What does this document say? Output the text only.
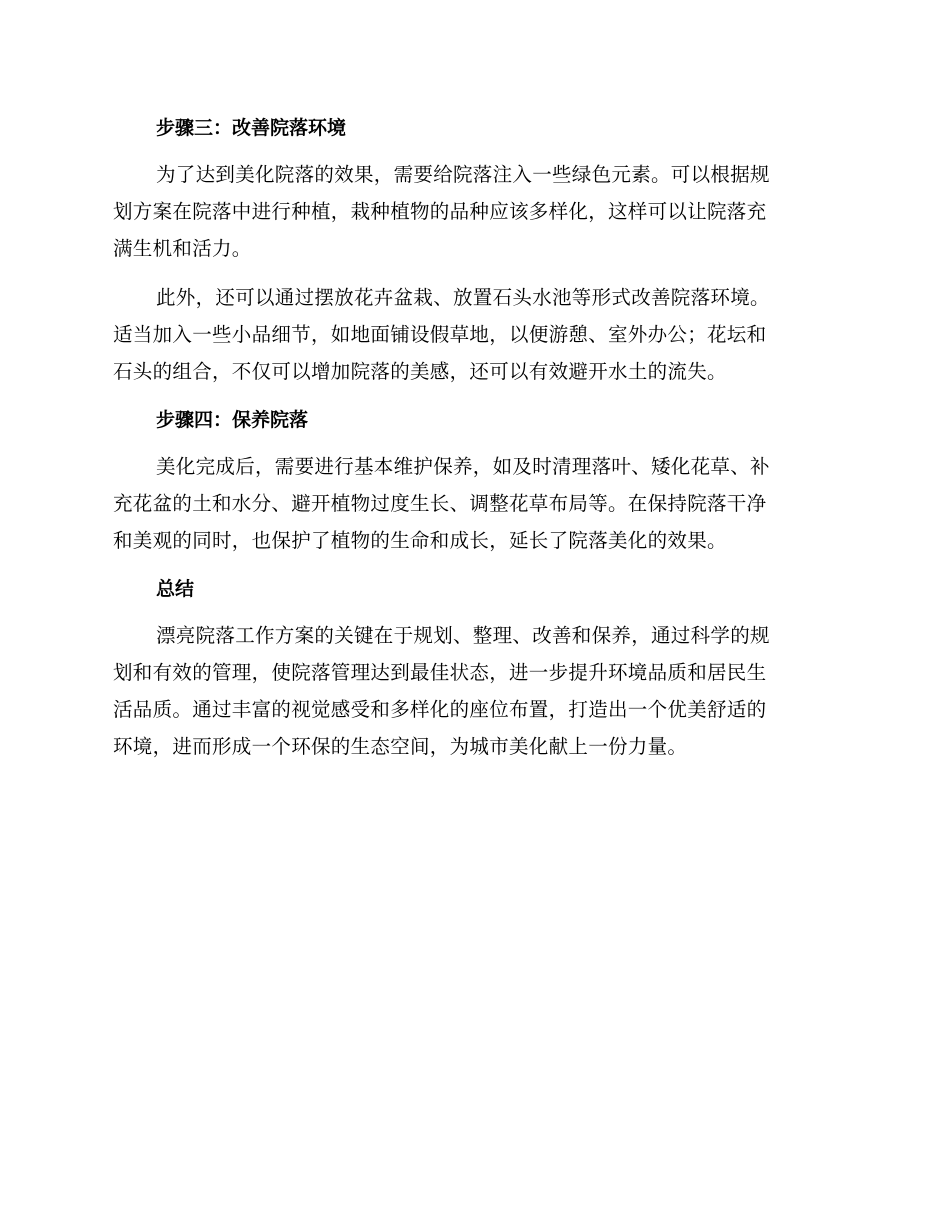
步骤三：改善院落环境
为了达到美化院落的效果，需要给院落注入一些绿色元素。可以根据规
划方案在院落中进行种植，栽种植物的品种应该多样化，这样可以让院落充
满生机和活力。
此外，还可以通过摆放花卉盆栽、放置石头水池等形式改善院落环境。
适当加入一些小品细节，如地面铺设假草地，以便游憩、室外办公；花坛和
石头的组合，不仅可以增加院落的美感，还可以有效避开水土的流失。
步骤四：保养院落
美化完成后，需要进行基本维护保养，如及时清理落叶、矮化花草、补
充花盆的土和水分、避开植物过度生长、调整花草布局等。在保持院落干净
和美观的同时，也保护了植物的生命和成长，延长了院落美化的效果。
总结
漂亮院落工作方案的关键在于规划、整理、改善和保养，通过科学的规
划和有效的管理，使院落管理达到最佳状态，进一步提升环境品质和居民生
活品质。通过丰富的视觉感受和多样化的座位布置，打造出一个优美舒适的
环境，进而形成一个环保的生态空间，为城市美化献上一份力量。
